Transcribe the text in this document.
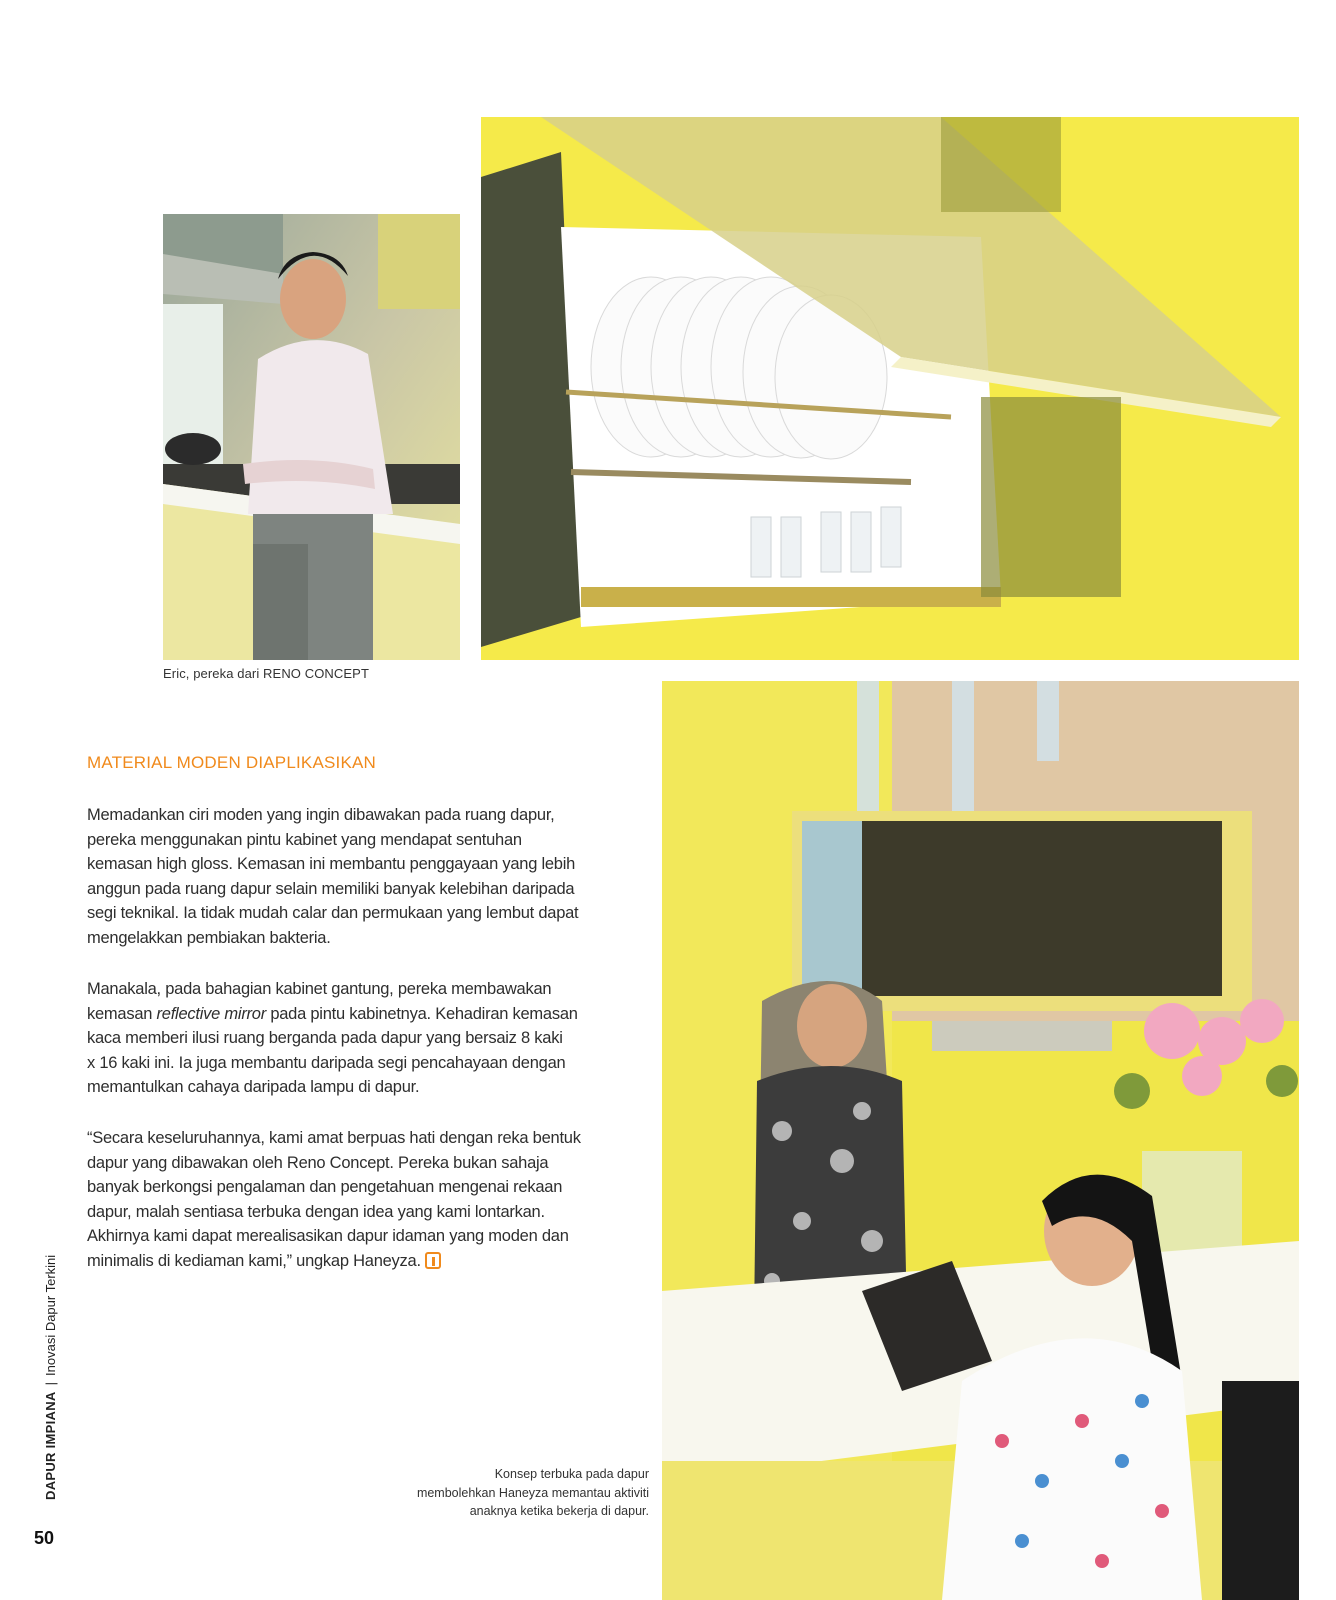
Eric, pereka dari RENO CONCEPT
MATERIAL MODEN DIAPLIKASIKAN
Memadankan ciri moden yang ingin dibawakan pada ruang dapur,
pereka menggunakan pintu kabinet yang mendapat sentuhan
kemasan high gloss. Kemasan ini membantu penggayaan yang lebih
anggun pada ruang dapur selain memiliki banyak kelebihan daripada
segi teknikal. Ia tidak mudah calar dan permukaan yang lembut dapat
mengelakkan pembiakan bakteria.
Manakala, pada bahagian kabinet gantung, pereka membawakan
kemasan reflective mirror pada pintu kabinetnya. Kehadiran kemasan
kaca memberi ilusi ruang berganda pada dapur yang bersaiz 8 kaki
x 16 kaki ini. Ia juga membantu daripada segi pencahayaan dengan
memantulkan cahaya daripada lampu di dapur.
“Secara keseluruhannya, kami amat berpuas hati dengan reka bentuk
dapur yang dibawakan oleh Reno Concept. Pereka bukan sahaja
banyak berkongsi pengalaman dan pengetahuan mengenai rekaan
dapur, malah sentiasa terbuka dengan idea yang kami lontarkan.
Akhirnya kami dapat merealisasikan dapur idaman yang moden dan
minimalis di kediaman kami,” ungkap Haneyza.
Konsep terbuka pada dapur
membolehkan Haneyza memantau aktiviti
anaknya ketika bekerja di dapur.
DAPUR IMPIANA|Inovasi Dapur Terkini
50
